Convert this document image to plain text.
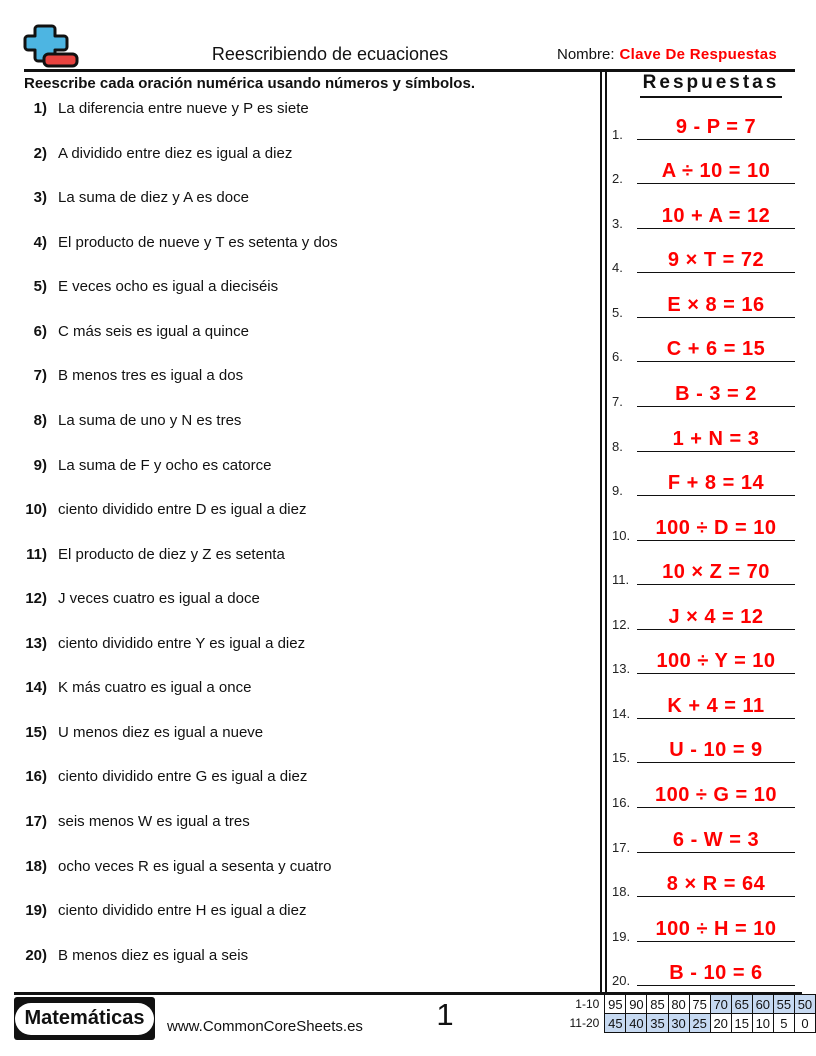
Reescribiendo de ecuaciones	Nombre: Clave De Respuestas
Reescribe cada oración numérica usando números y símbolos.
1) La diferencia entre nueve y P es siete
2) A dividido entre diez es igual a diez
3) La suma de diez y A es doce
4) El producto de nueve y T es setenta y dos
5) E veces ocho es igual a dieciséis
6) C más seis es igual a quince
7) B menos tres es igual a dos
8) La suma de uno y N es tres
9) La suma de F y ocho es catorce
10) ciento dividido entre D es igual a diez
11) El producto de diez y Z es setenta
12) J veces cuatro es igual a doce
13) ciento dividido entre Y es igual a diez
14) K más cuatro es igual a once
15) U menos diez es igual a nueve
16) ciento dividido entre G es igual a diez
17) seis menos W es igual a tres
18) ocho veces R es igual a sesenta y cuatro
19) ciento dividido entre H es igual a diez
20) B menos diez es igual a seis
Respuestas
1.	9 - P = 7
2. A ÷ 10 = 10
3. 10 + A = 12
4. 9 × T = 72
5. E × 8 = 16
6. C + 6 = 15
7.	B - 3 = 2
8. 1 + N = 3
9. F + 8 = 14
10. 100 ÷ D = 10
11. 10 × Z = 70
12. J × 4 = 12
13. 100 ÷ Y = 10
14. K + 4 = 11
15. U - 10 = 9
16. 100 ÷ G = 10
17. 6 - W = 3
18. 8 × R = 64
19. 100 ÷ H = 10
20. B - 10 = 6
Matemáticas	www.CommonCoreSheets.es	1	1-10	95	90	85	80	75	70	65	60	55	50
11-20	45	40	35	30	25	20	15	10	5	0
